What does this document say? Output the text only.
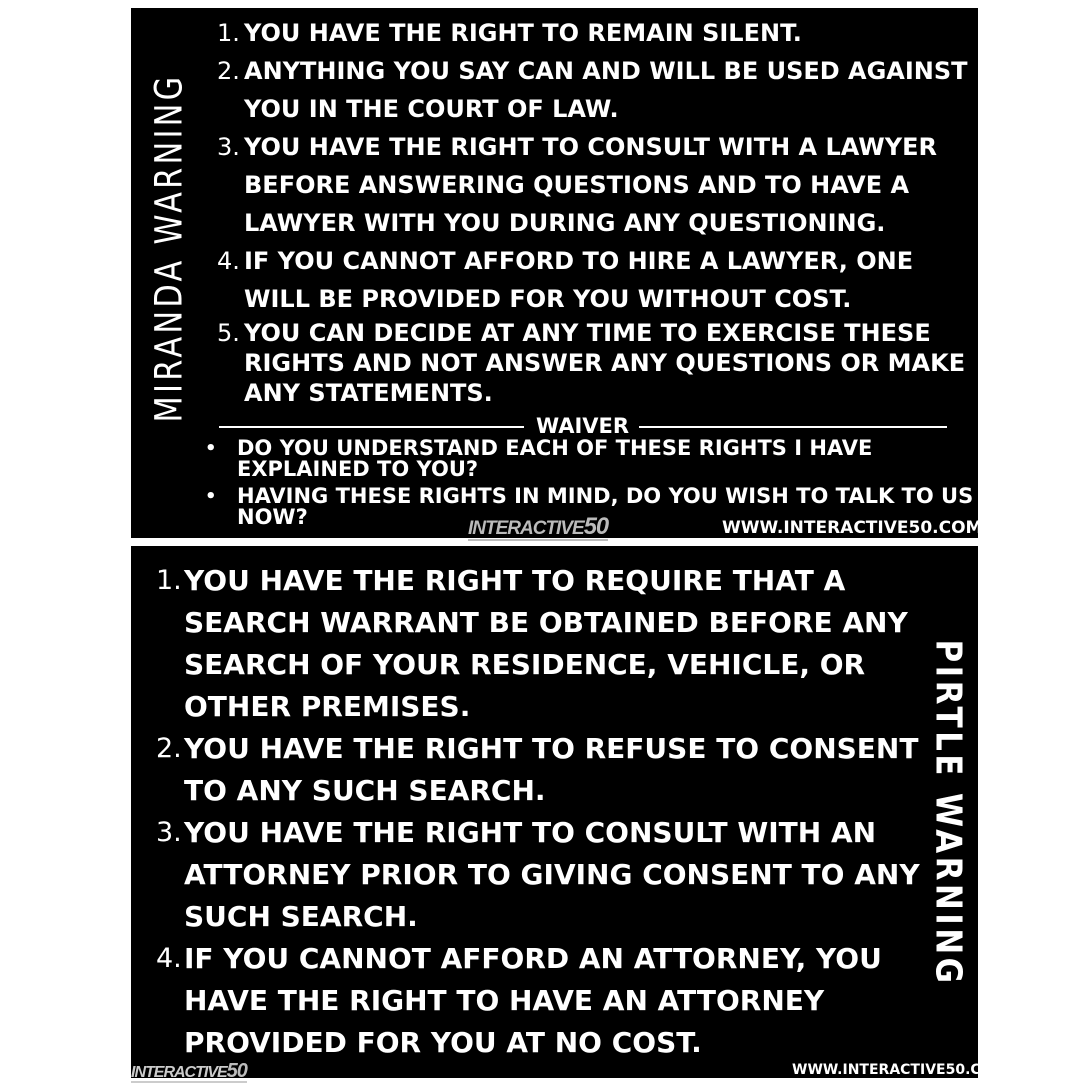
MIRANDA WARNING
1. YOU HAVE THE RIGHT TO REMAIN SILENT.
2. ANYTHING YOU SAY CAN AND WILL BE USED AGAINST YOU IN THE COURT OF LAW.
3. YOU HAVE THE RIGHT TO CONSULT WITH A LAWYER BEFORE ANSWERING QUESTIONS AND TO HAVE A LAWYER WITH YOU DURING ANY QUESTIONING.
4. IF YOU CANNOT AFFORD TO HIRE A LAWYER, ONE WILL BE PROVIDED FOR YOU WITHOUT COST.
5. YOU CAN DECIDE AT ANY TIME TO EXERCISE THESE RIGHTS AND NOT ANSWER ANY QUESTIONS OR MAKE ANY STATEMENTS.
WAIVER
• DO YOU UNDERSTAND EACH OF THESE RIGHTS I HAVE EXPLAINED TO YOU?
• HAVING THESE RIGHTS IN MIND, DO YOU WISH TO TALK TO US NOW?	INTERACTIVE50	WWW.INTERACTIVE50.COM
1. YOU HAVE THE RIGHT TO REQUIRE THAT A SEARCH WARRANT BE OBTAINED BEFORE ANY SEARCH OF YOUR RESIDENCE, VEHICLE, OR OTHER PREMISES.
2. YOU HAVE THE RIGHT TO REFUSE TO CONSENT TO ANY SUCH SEARCH.
3. YOU HAVE THE RIGHT TO CONSULT WITH AN ATTORNEY PRIOR TO GIVING CONSENT TO ANY SUCH SEARCH.
4. IF YOU CANNOT AFFORD AN ATTORNEY, YOU HAVE THE RIGHT TO HAVE AN ATTORNEY PROVIDED FOR YOU AT NO COST.
PIRTLE WARNING
INTERACTIVE50	WWW.INTERACTIVE50.COM
